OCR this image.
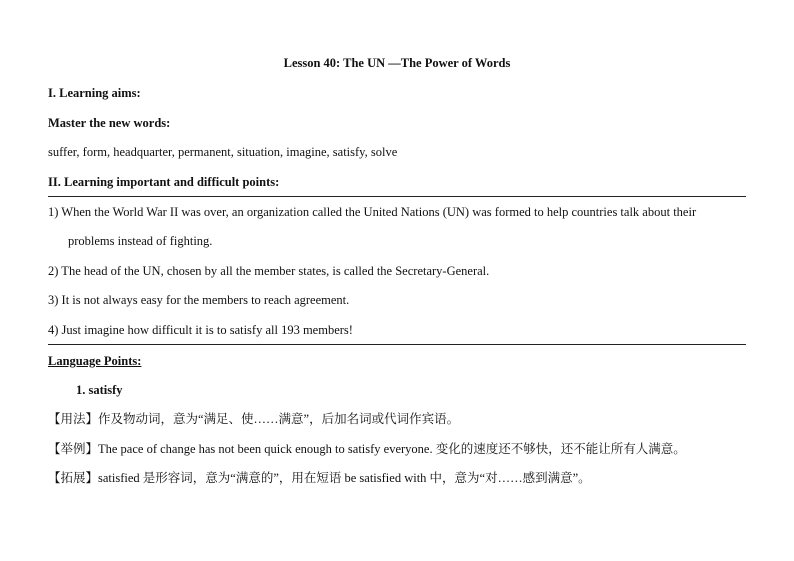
Lesson 40: The UN —The Power of Words
I. Learning aims:
Master the new words:
suffer, form, headquarter, permanent, situation, imagine, satisfy, solve
II. Learning important and difficult points:
1) When the World War II was over, an organization called the United Nations (UN) was formed to help countries talk about their
problems instead of fighting.
2) The head of the UN, chosen by all the member states, is called the Secretary-General.
3) It is not always easy for the members to reach agreement.
4) Just imagine how difficult it is to satisfy all 193 members!
Language Points:
1. satisfy
【用法】作及物动词，意为“满足、使……满意”，后加名词或代词作宾语。
【举例】The pace of change has not been quick enough to satisfy everyone. 变化的速度还不够快，还不能让所有人满意。
【拓展】satisfied 是形容词，意为“满意的”，用在短语 be satisfied with 中，意为“对……感到满意”。
